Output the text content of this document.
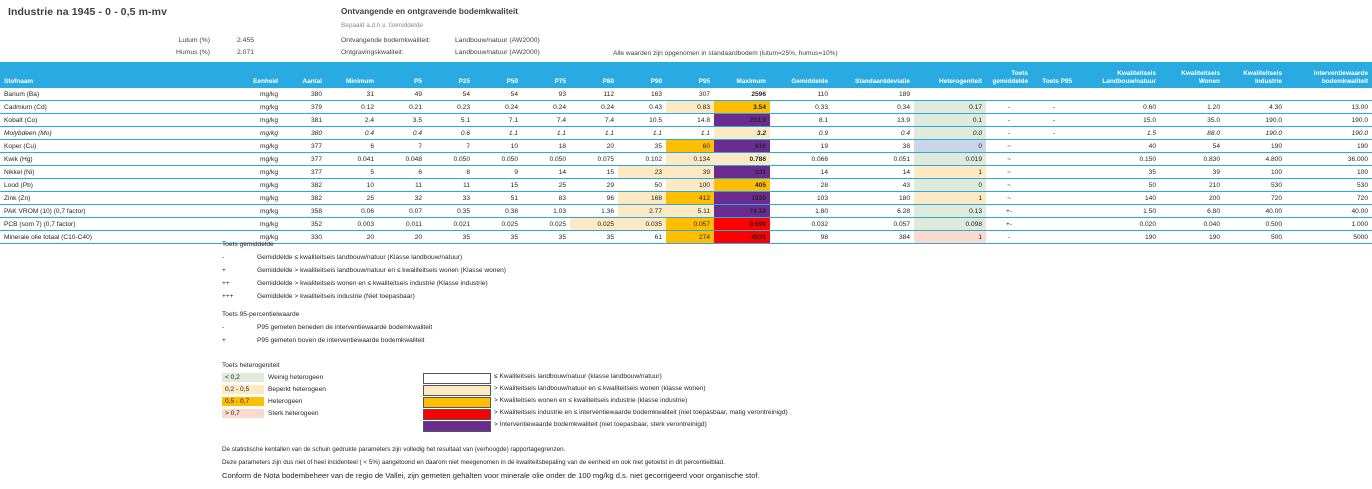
Industrie na 1945 - 0 - 0,5 m-mv	Ontvangende en ontgravende bodemkwaliteit
Bepaald a.d.h.v. Gemiddelde
Lutum (%)	2.455
Humus (%)	2.071
Ontvangende bodemkwaliteit:	Landbouw/natuur (AW2000)
Ontgravingskwaliteit:	Landbouw/natuur (AW2000)	Alle waarden zijn opgenomen in standaardbodem (lutum=25%, humus=10%)
Stofnaam	Eenheid	Aantal	Minimum	P5	P25	P50	P75	P80	P90	P95	Maximum	Gemiddelde	Standaarddeviatie	Heterogeniteit	Toets gemiddelde	Toets P95	Kwaliteitseis Landbouw/natuur	Kwaliteitseis Wonen	Kwaliteitseis Industrie	Interventiewaarde bodemkwaliteit
Barium (Ba)	mg/kg	380	31	49	54	54	93	112	163	307	2596	110	189							
Cadmium (Cd)	mg/kg	379	0.12	0.21	0.23	0.24	0.24	0.24	0.43	0.83	3.54	0.33	0.34	0.17	-	-	0.60	1.20	4.30	13.00
Kobalt (Co)	mg/kg	381	2.4	3.5	5.1	7.1	7.4	7.4	10.5	14.8	203.9	8.1	13.9	0.1	-	-	15.0	35.0	190.0	190.0
Molybdeen (Mo)	mg/kg	380	0.4	0.4	0.6	1.1	1.1	1.1	1.1	1.1	3.2	0.9	0.4	0.0	-	-	1.5	88.0	190.0	190.0
Koper (Cu)	mg/kg	377	6	7	7	10	18	20	35	60	616	19	38	0	~		40	54	190	190
Kwik (Hg)	mg/kg	377	0.041	0.048	0.050	0.050	0.050	0.075	0.102	0.134	0.786	0.066	0.051	0.019	~		0.150	0.830	4.800	36.000
Nikkel (Ni)	mg/kg	377	5	6	8	9	14	15	23	39	131	14	14	1	~		35	39	100	100
Lood (Pb)	mg/kg	382	10	11	11	15	25	29	50	100	405	28	43	0	~		50	210	530	530
Zink (Zn)	mg/kg	382	25	32	33	51	83	96	168	412	1930	103	180	1	~		140	200	720	720
PAK VROM (10) (0,7 factor)	mg/kg	358	0.06	0.07	0.35	0.38	1.03	1.36	2.77	5.11	74.19	1.80	6.28	0.13	+-		1.50	6.80	40.00	40.00
PCB (som 7) (0,7 factor)	mg/kg	352	0.003	0.011	0.021	0.025	0.025	0.025	0.035	0.057	0.699	0.032	0.057	0.098	+-		0.020	0.040	0.500	1.000
Minerale olie totaal (C10-C40)	mg/kg	330	20	20	35	35	35	35	61	274	4538	98	384	1	-		190	190	500	5000
Toets gemiddelde
-	Gemiddelde ≤ kwaliteitseis landbouw/natuur (Klasse landbouw/natuur)
+	Gemiddelde > kwaliteitseis landbouw/natuur en ≤ kwaliteitseis wonen (Klasse wonen)
++	Gemiddelde > kwaliteitseis wonen en ≤ kwaliteitseis industrie (Klasse industrie)
+++	Gemiddelde > kwaliteitseis industrie (Niet toepasbaar)
Toets 95-percentielwaarde
-	P95 gemeten beneden de interventiewaarde bodemkwaliteit
+	P95 gemeten boven de interventiewaarde bodemkwaliteit
Toets heterogeniteit
< 0,2	Weinig heterogeen
0,2 - 0,5	Beperkt heterogeen
0,5 - 0,7	Heterogeen
> 0,7	Sterk heterogeen
≤ Kwaliteitseis landbouw/natuur (klasse landbouw/natuur)
> Kwaliteitseis landbouw/natuur en ≤ kwaliteitseis wonen (klasse wonen)
> Kwaliteitseis wonen en ≤ kwaliteitseis industrie (klasse industrie)
> Kwaliteitseis industrie en ≤ interventiewaarde bodemkwaliteit (niet toepasbaar, matig verontreinigd)
> Interventiewaarde bodemkwaliteit (niet toepasbaar, sterk verontreinigd)
De statistische kentallen van de schuin gedrukte parameters zijn volledig het resultaat van (verhoogde) rapportagegrenzen.
Deze parameters zijn dus niet of heel incidenteel ( < 5%) aangetoond en daarom niet meegenomen in de kwaliteitsbepaling van de eenheid en ook niet getoetst in dit percentielblad.
Conform de Nota bodembeheer van de regio de Vallei, zijn gemeten gehalten voor minerale olie onder de 100 mg/kg d.s. niet gecorrigeerd voor organische stof.
